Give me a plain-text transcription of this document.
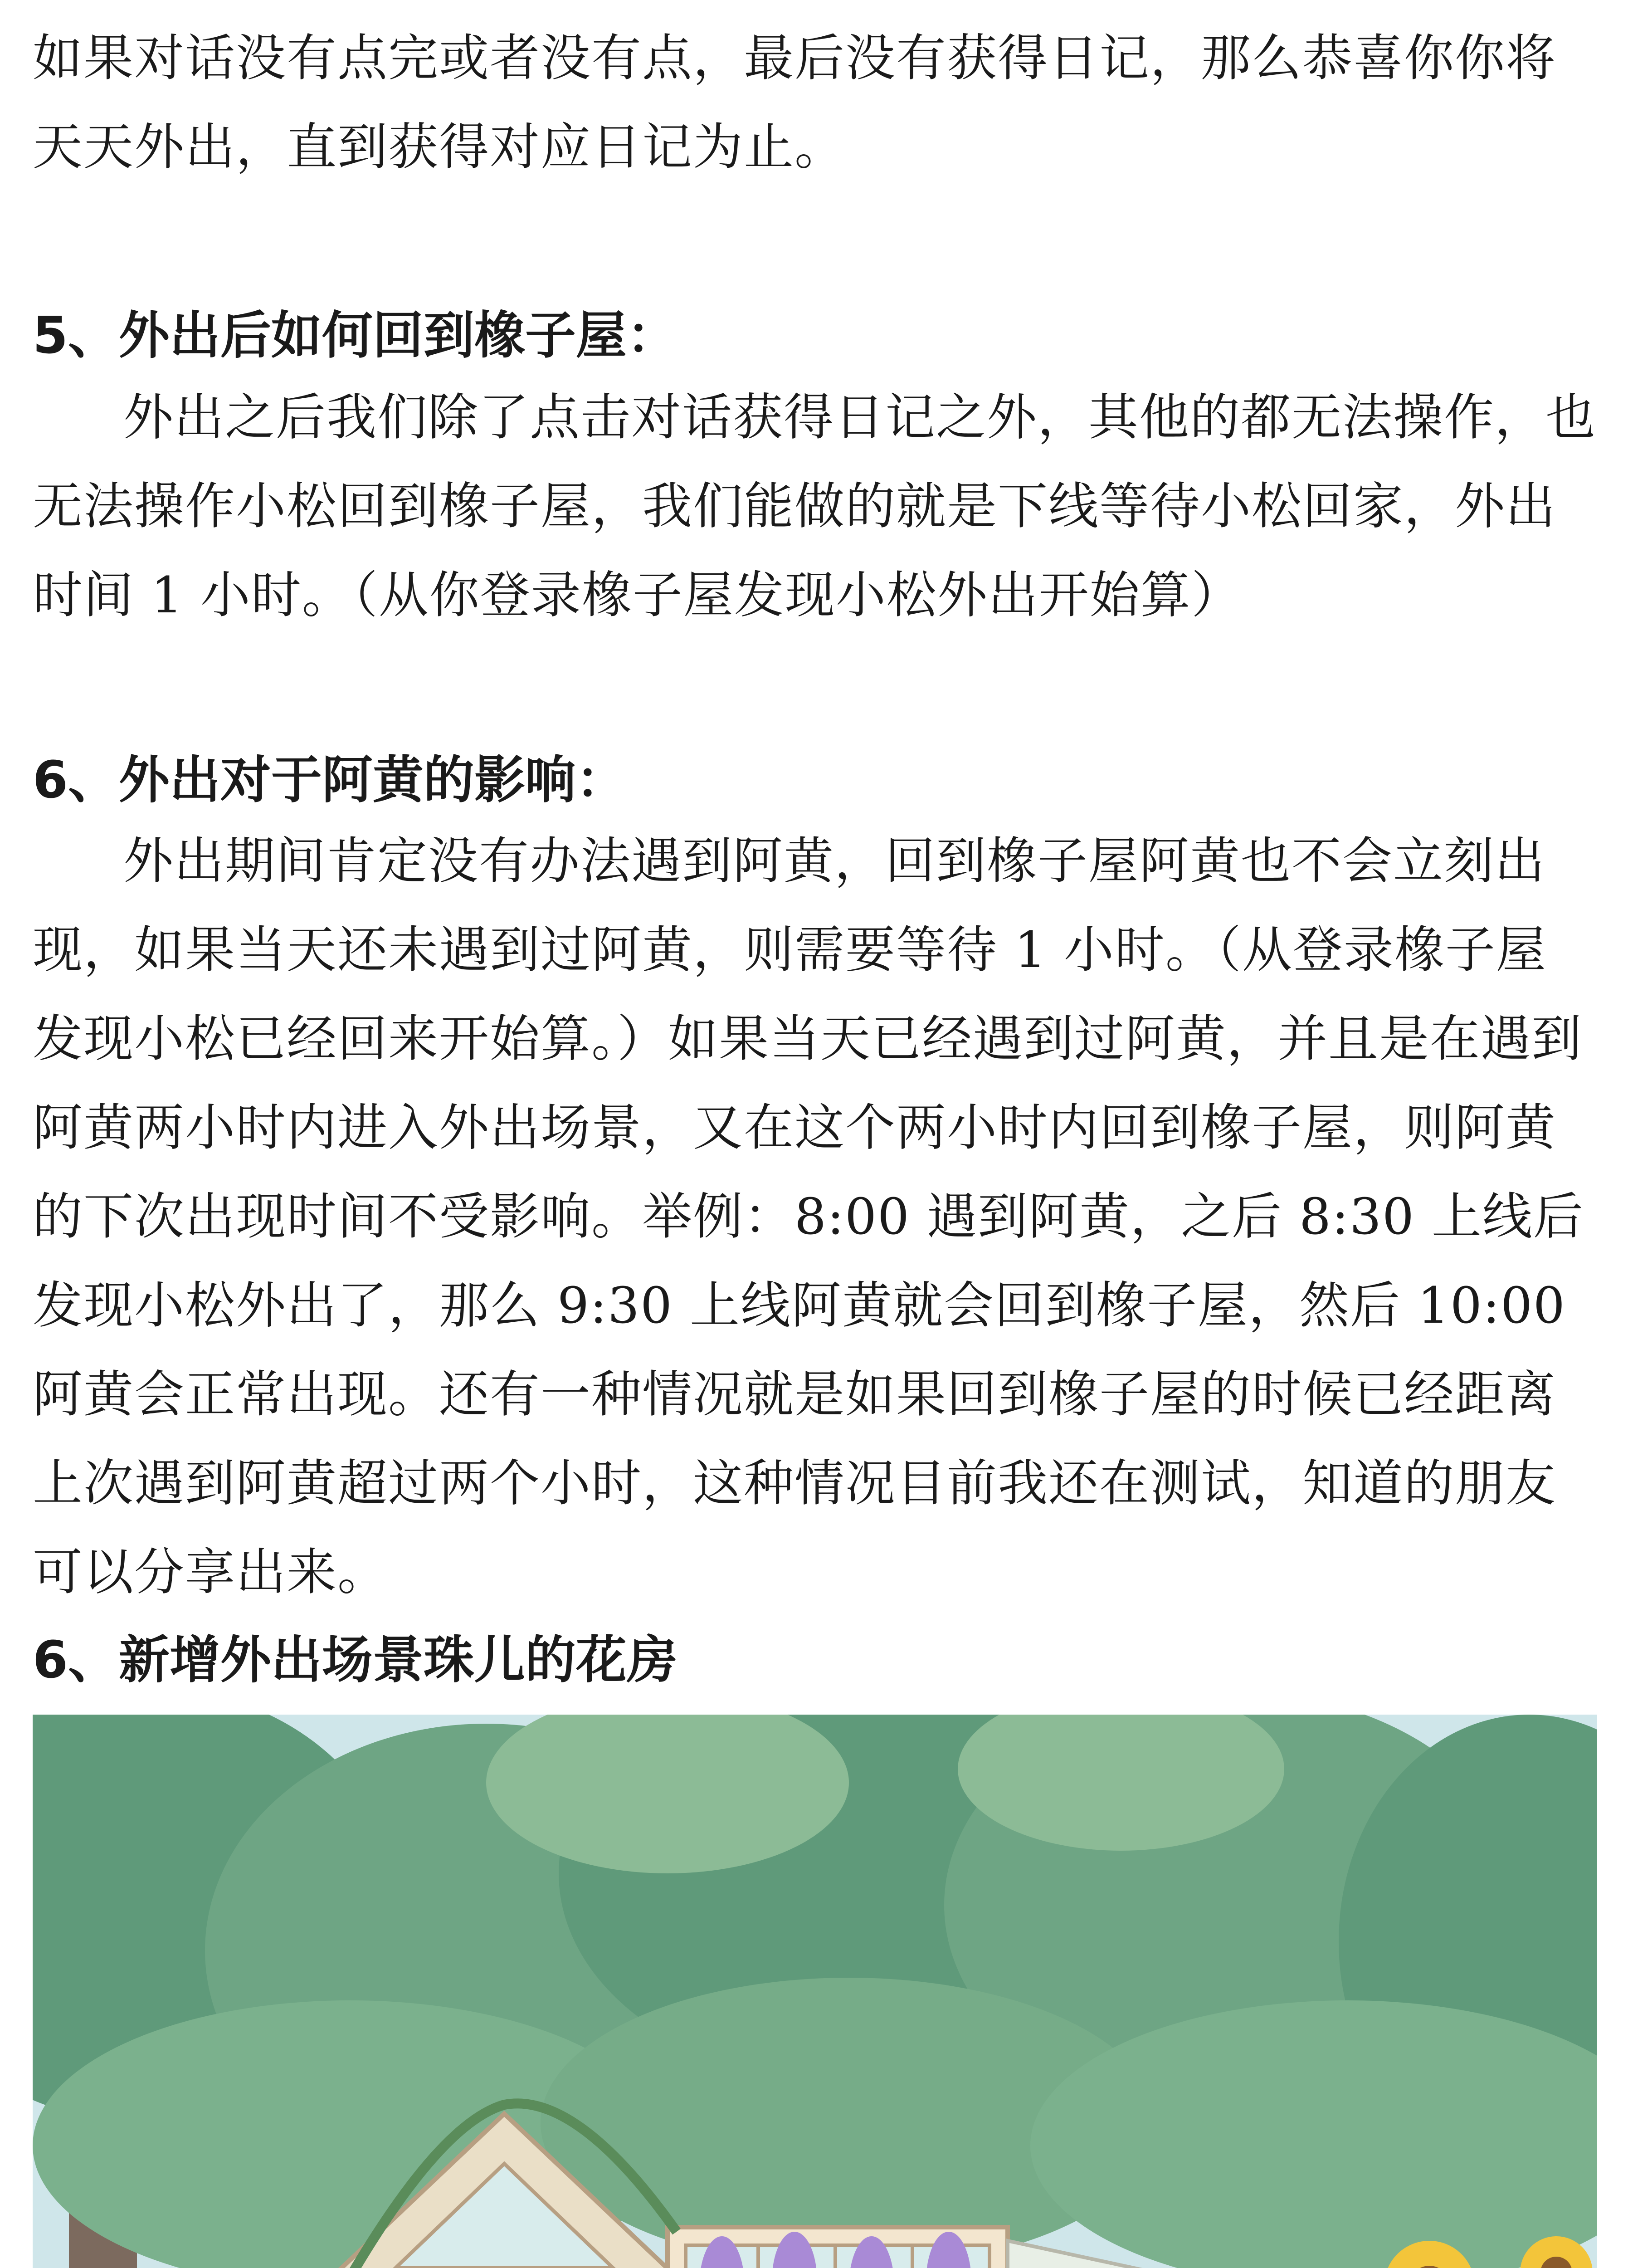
如果对话没有点完或者没有点，最后没有获得日记，那么恭喜你你将天天外出，直到获得对应日记为止。

5、外出后如何回到橡子屋：

外出之后我们除了点击对话获得日记之外，其他的都无法操作，也无法操作小松回到橡子屋，我们能做的就是下线等待小松回家，外出时间 1 小时。（从你登录橡子屋发现小松外出开始算）

6、外出对于阿黄的影响：

外出期间肯定没有办法遇到阿黄，回到橡子屋阿黄也不会立刻出现，如果当天还未遇到过阿黄，则需要等待 1 小时。（从登录橡子屋发现小松已经回来开始算。）如果当天已经遇到过阿黄，并且是在遇到阿黄两小时内进入外出场景，又在这个两小时内回到橡子屋，则阿黄的下次出现时间不受影响。举例：8:00 遇到阿黄，之后 8:30 上线后发现小松外出了，那么 9:30 上线阿黄就会回到橡子屋，然后 10:00 阿黄会正常出现。还有一种情况就是如果回到橡子屋的时候已经距离上次遇到阿黄超过两个小时，这种情况目前我还在测试，知道的朋友可以分享出来。

6、新增外出场景珠儿的花房
